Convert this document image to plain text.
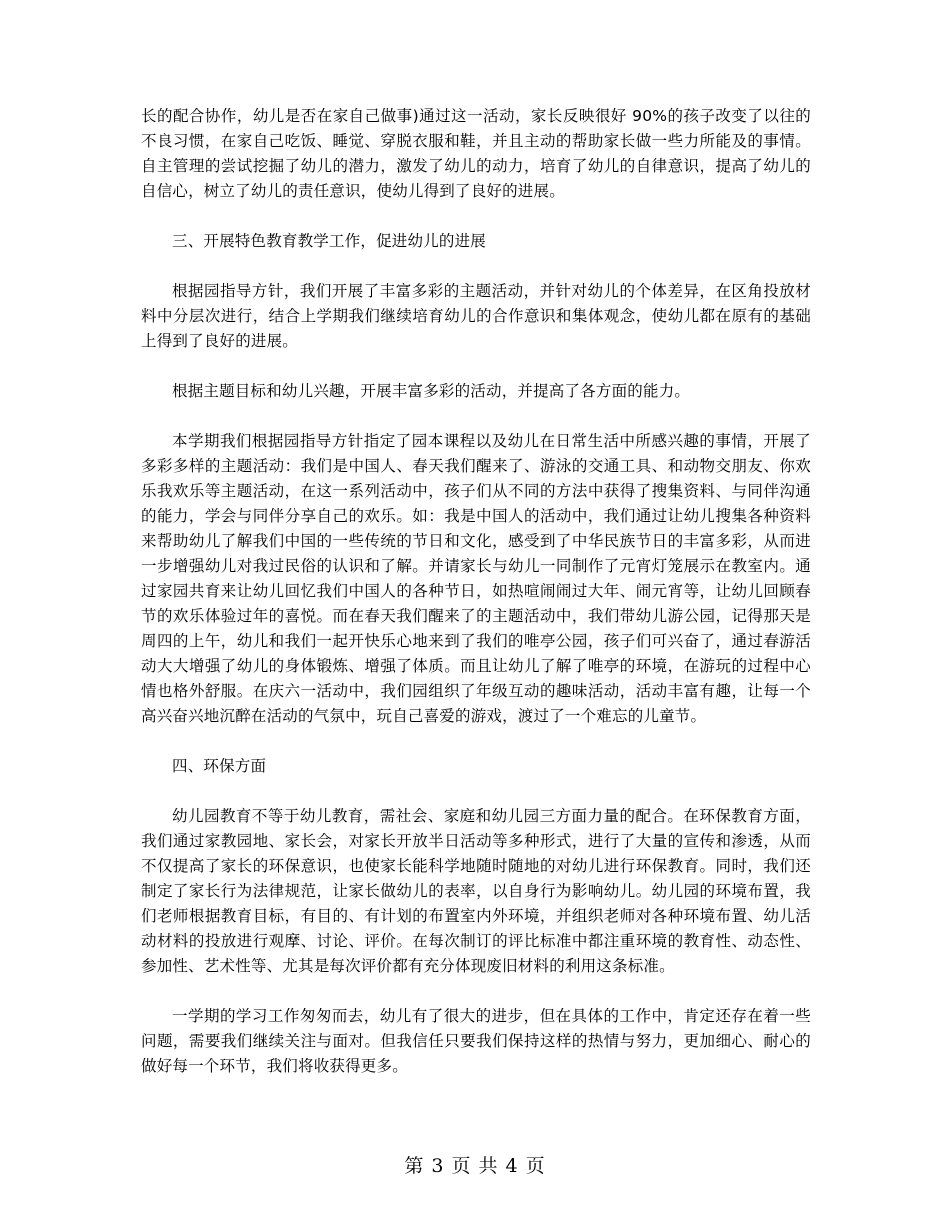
长的配合协作，幼儿是否在家自己做事)通过这一活动，家长反映很好 90%的孩子改变了以往的不良习惯，在家自己吃饭、睡觉、穿脱衣服和鞋，并且主动的帮助家长做一些力所能及的事情。自主管理的尝试挖掘了幼儿的潜力，激发了幼儿的动力，培育了幼儿的自律意识，提高了幼儿的自信心，树立了幼儿的责任意识，使幼儿得到了良好的进展。

三、开展特色教育教学工作，促进幼儿的进展

根据园指导方针，我们开展了丰富多彩的主题活动，并针对幼儿的个体差异，在区角投放材料中分层次进行，结合上学期我们继续培育幼儿的合作意识和集体观念，使幼儿都在原有的基础上得到了良好的进展。

根据主题目标和幼儿兴趣，开展丰富多彩的活动，并提高了各方面的能力。

本学期我们根据园指导方针指定了园本课程以及幼儿在日常生活中所感兴趣的事情，开展了多彩多样的主题活动：我们是中国人、春天我们醒来了、游泳的交通工具、和动物交朋友、你欢乐我欢乐等主题活动，在这一系列活动中，孩子们从不同的方法中获得了搜集资料、与同伴沟通的能力，学会与同伴分享自己的欢乐。如：我是中国人的活动中，我们通过让幼儿搜集各种资料来帮助幼儿了解我们中国的一些传统的节日和文化，感受到了中华民族节日的丰富多彩，从而进一步增强幼儿对我过民俗的认识和了解。并请家长与幼儿一同制作了元宵灯笼展示在教室内。通过家园共育来让幼儿回忆我们中国人的各种节日，如热喧闹闹过大年、闹元宵等，让幼儿回顾春节的欢乐体验过年的喜悦。而在春天我们醒来了的主题活动中，我们带幼儿游公园，记得那天是周四的上午，幼儿和我们一起开快乐心地来到了我们的唯亭公园，孩子们可兴奋了，通过春游活动大大增强了幼儿的身体锻炼、增强了体质。而且让幼儿了解了唯亭的环境，在游玩的过程中心情也格外舒服。在庆六一活动中，我们园组织了年级互动的趣味活动，活动丰富有趣，让每一个高兴奋兴地沉醉在活动的气氛中，玩自己喜爱的游戏，渡过了一个难忘的儿童节。

四、环保方面

幼儿园教育不等于幼儿教育，需社会、家庭和幼儿园三方面力量的配合。在环保教育方面，我们通过家教园地、家长会，对家长开放半日活动等多种形式，进行了大量的宣传和渗透，从而不仅提高了家长的环保意识，也使家长能科学地随时随地的对幼儿进行环保教育。同时，我们还制定了家长行为法律规范，让家长做幼儿的表率，以自身行为影响幼儿。幼儿园的环境布置，我们老师根据教育目标，有目的、有计划的布置室内外环境，并组织老师对各种环境布置、幼儿活动材料的投放进行观摩、讨论、评价。在每次制订的评比标准中都注重环境的教育性、动态性、参加性、艺术性等、尤其是每次评价都有充分体现废旧材料的利用这条标准。

一学期的学习工作匆匆而去，幼儿有了很大的进步，但在具体的工作中，肯定还存在着一些问题，需要我们继续关注与面对。但我信任只要我们保持这样的热情与努力，更加细心、耐心的做好每一个环节，我们将收获得更多。

第 3 页 共 4 页
